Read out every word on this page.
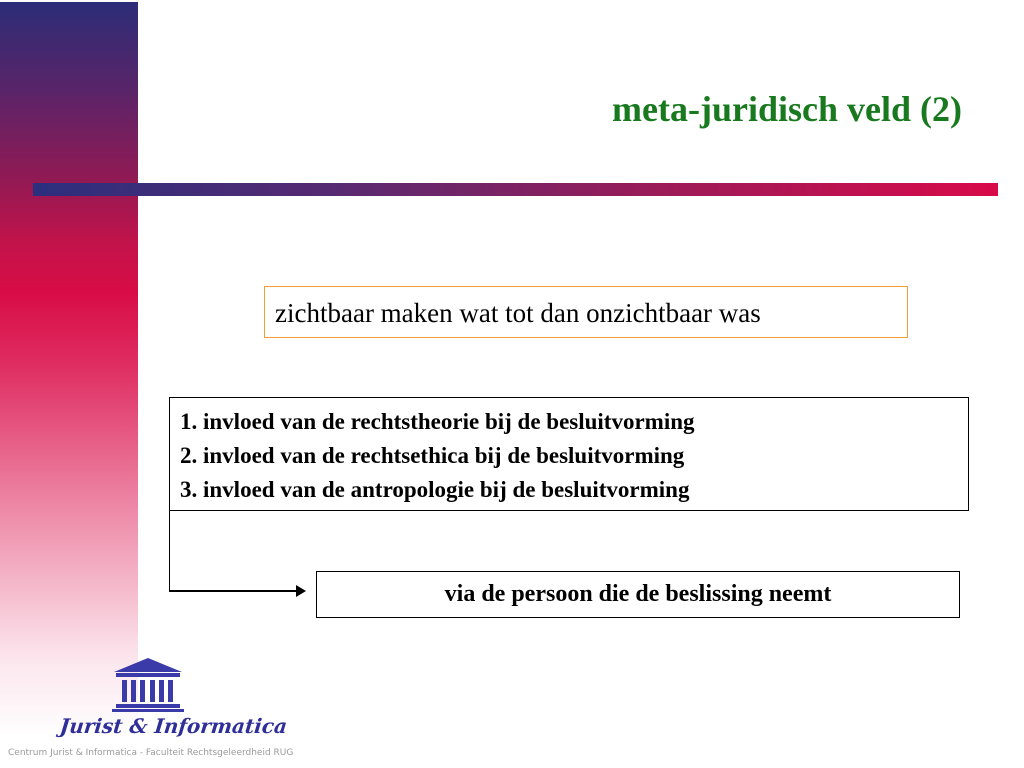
meta-juridisch veld (2)
zichtbaar maken wat tot dan onzichtbaar was
1. invloed van de rechtstheorie bij de besluitvorming
2. invloed van de rechtsethica bij de besluitvorming
3. invloed van de antropologie bij de besluitvorming
via de persoon die de beslissing neemt
Jurist & Informatica
Centrum Jurist & Informatica - Faculteit Rechtsgeleerdheid RUG
